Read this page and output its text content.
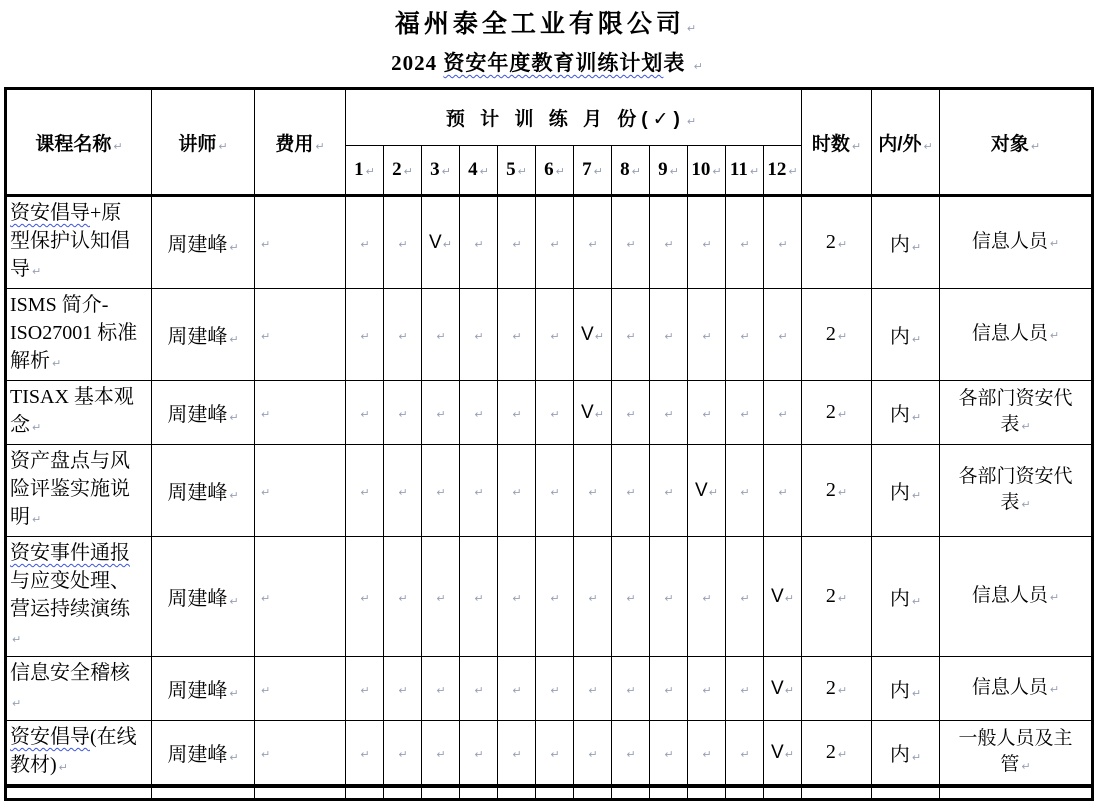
福州泰全工业有限公司 ↵
2024 资安年度教育训练计划表 ↵
课程名称 ↵	讲师 ↵	费用 ↵	预 计 训 练 月 份(✓) ↵												时数 ↵	内/外 ↵	对象 ↵
			1 ↵	2 ↵	3 ↵	4 ↵	5 ↵	6 ↵	7 ↵	8 ↵	9 ↵	10 ↵	11 ↵	12 ↵			
资安倡导+原型保护认知倡导 ↵	周建峰 ↵	↵	↵	↵	V↵	↵	↵	↵	↵	↵	↵	↵	↵	↵	2 ↵	内 ↵	信息人员 ↵
ISMS 简介-ISO27001 标准解析 ↵	周建峰 ↵	↵	↵	↵	↵	↵	↵	↵	V↵	↵	↵	↵	↵	↵	2 ↵	内 ↵	信息人员 ↵
TISAX 基本观念 ↵	周建峰 ↵	↵	↵	↵	↵	↵	↵	↵	V↵	↵	↵	↵	↵	↵	2 ↵	内 ↵	各部门资安代表 ↵
资产盘点与风险评鉴实施说明 ↵	周建峰 ↵	↵	↵	↵	↵	↵	↵	↵	↵	↵	↵	V↵	↵	↵	2 ↵	内 ↵	各部门资安代表 ↵
资安事件通报与应变处理、营运持续演练↵	周建峰 ↵	↵	↵	↵	↵	↵	↵	↵	↵	↵	↵	↵	↵	V↵	2 ↵	内 ↵	信息人员 ↵
信息安全稽核↵	周建峰 ↵	↵	↵	↵	↵	↵	↵	↵	↵	↵	↵	↵	↵	V↵	2 ↵	内 ↵	信息人员 ↵
资安倡导(在线教材) ↵	周建峰 ↵	↵	↵	↵	↵	↵	↵	↵	↵	↵	↵	↵	↵	V↵	2 ↵	内 ↵	一般人员及主管 ↵
